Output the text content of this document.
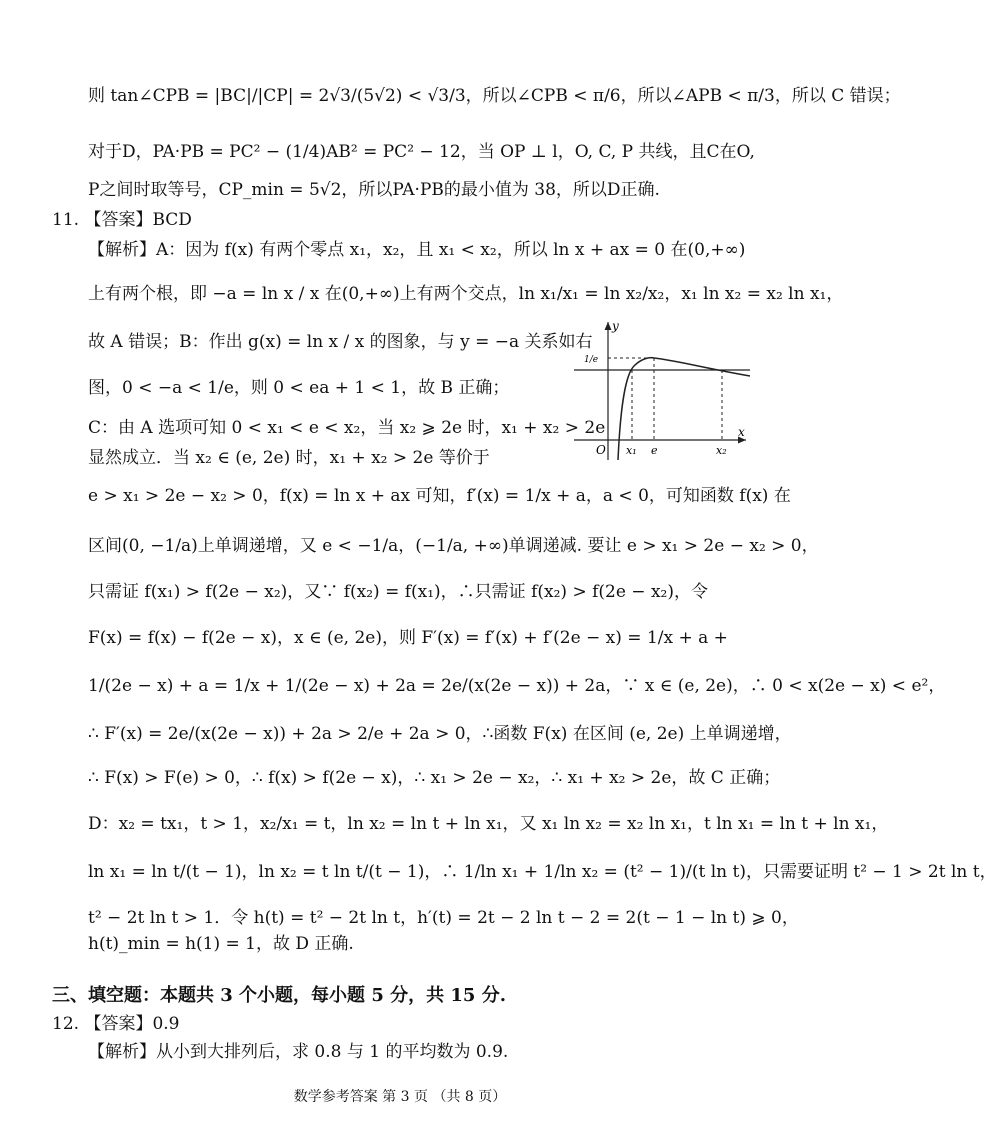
则 tan∠CPB = |BC|/|CP| = 2√3/(5√2) < √3/3，所以∠CPB < π/6，所以∠APB < π/3，所以 C 错误；
对于D，PA·PB = PC² − (1/4)AB² = PC² − 12，当 OP ⊥ l，O, C, P 共线，且C在O,
P之间时取等号，CP_min = 5√2，所以PA·PB的最小值为 38，所以D正确.
11. 【答案】BCD
【解析】A：因为 f(x) 有两个零点 x₁，x₂，且 x₁ < x₂，所以 ln x + ax = 0 在(0,+∞)
上有两个根，即 −a = ln x / x 在(0,+∞)上有两个交点，ln x₁/x₁ = ln x₂/x₂，x₁ ln x₂ = x₂ ln x₁，
故 A 错误；B：作出 g(x) = ln x / x 的图象，与 y = −a 关系如右
图，0 < −a < 1/e，则 0 < ea + 1 < 1，故 B 正确；
C：由 A 选项可知 0 < x₁ < e < x₂，当 x₂ ⩾ 2e 时，x₁ + x₂ > 2e
显然成立．当 x₂ ∈ (e, 2e) 时，x₁ + x₂ > 2e 等价于
y
x
O
1/e
x₁ e	x₂
e > x₁ > 2e − x₂ > 0，f(x) = ln x + ax 可知，f′(x) = 1/x + a，a < 0，可知函数 f(x) 在
区间(0, −1/a)上单调递增，又 e < −1/a，(−1/a, +∞)单调递减. 要让 e > x₁ > 2e − x₂ > 0，
只需证 f(x₁) > f(2e − x₂)，又∵ f(x₂) = f(x₁)，∴只需证 f(x₂) > f(2e − x₂)，令
F(x) = f(x) − f(2e − x)，x ∈ (e, 2e)，则 F′(x) = f′(x) + f′(2e − x) = 1/x + a +
1/(2e − x) + a = 1/x + 1/(2e − x) + 2a = 2e/(x(2e − x)) + 2a，∵ x ∈ (e, 2e)，∴ 0 < x(2e − x) < e²，
∴ F′(x) = 2e/(x(2e − x)) + 2a > 2/e + 2a > 0，∴函数 F(x) 在区间 (e, 2e) 上单调递增，
∴ F(x) > F(e) > 0，∴ f(x) > f(2e − x)，∴ x₁ > 2e − x₂，∴ x₁ + x₂ > 2e，故 C 正确；
D：x₂ = tx₁，t > 1，x₂/x₁ = t，ln x₂ = ln t + ln x₁，又 x₁ ln x₂ = x₂ ln x₁，t ln x₁ = ln t + ln x₁，
ln x₁ = ln t/(t − 1)，ln x₂ = t ln t/(t − 1)，∴ 1/ln x₁ + 1/ln x₂ = (t² − 1)/(t ln t)，只需要证明 t² − 1 > 2t ln t，
t² − 2t ln t > 1．令 h(t) = t² − 2t ln t，h′(t) = 2t − 2 ln t − 2 = 2(t − 1 − ln t) ⩾ 0，
h(t)_min = h(1) = 1，故 D 正确.
三、填空题：本题共 3 个小题，每小题 5 分，共 15 分.
12. 【答案】0.9
【解析】从小到大排列后，求 0.8 与 1 的平均数为 0.9.
数学参考答案 第 3 页 （共 8 页）
